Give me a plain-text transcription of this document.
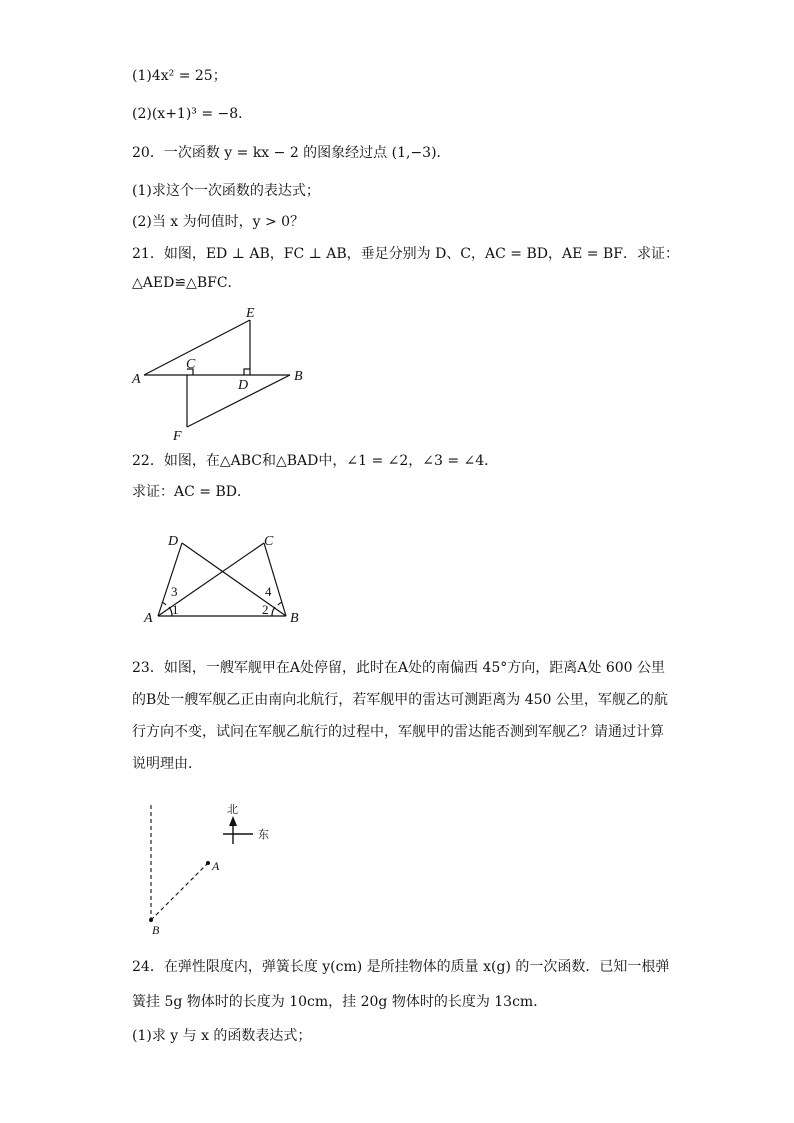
(1)4x² = 25；
(2)(x+1)³ = −8．
20．一次函数 y = kx − 2 的图象经过点 (1,−3)．
(1)求这个一次函数的表达式；
(2)当 x 为何值时，y > 0？
21．如图，ED ⊥ AB，FC ⊥ AB，垂足分别为 D、C，AC = BD，AE = BF．求证：
△AED≌△BFC．
E
C
A	D
B
F
22．如图，在△ABC和△BAD中，∠1 = ∠2，∠3 = ∠4．
求证：AC = BD．
D	C
A	B
1	2
3	4
23．如图，一艘军舰甲在A处停留，此时在A处的南偏西 45°方向，距离A处 600 公里
的B处一艘军舰乙正由南向北航行，若军舰甲的雷达可测距离为 450 公里，军舰乙的航
行方向不变，试问在军舰乙航行的过程中，军舰甲的雷达能否测到军舰乙？请通过计算
说明理由．
北
东
A
B
24．在弹性限度内，弹簧长度 y(cm) 是所挂物体的质量 x(g) 的一次函数．已知一根弹
簧挂 5g 物体时的长度为 10cm，挂 20g 物体时的长度为 13cm．
(1)求 y 与 x 的函数表达式；
